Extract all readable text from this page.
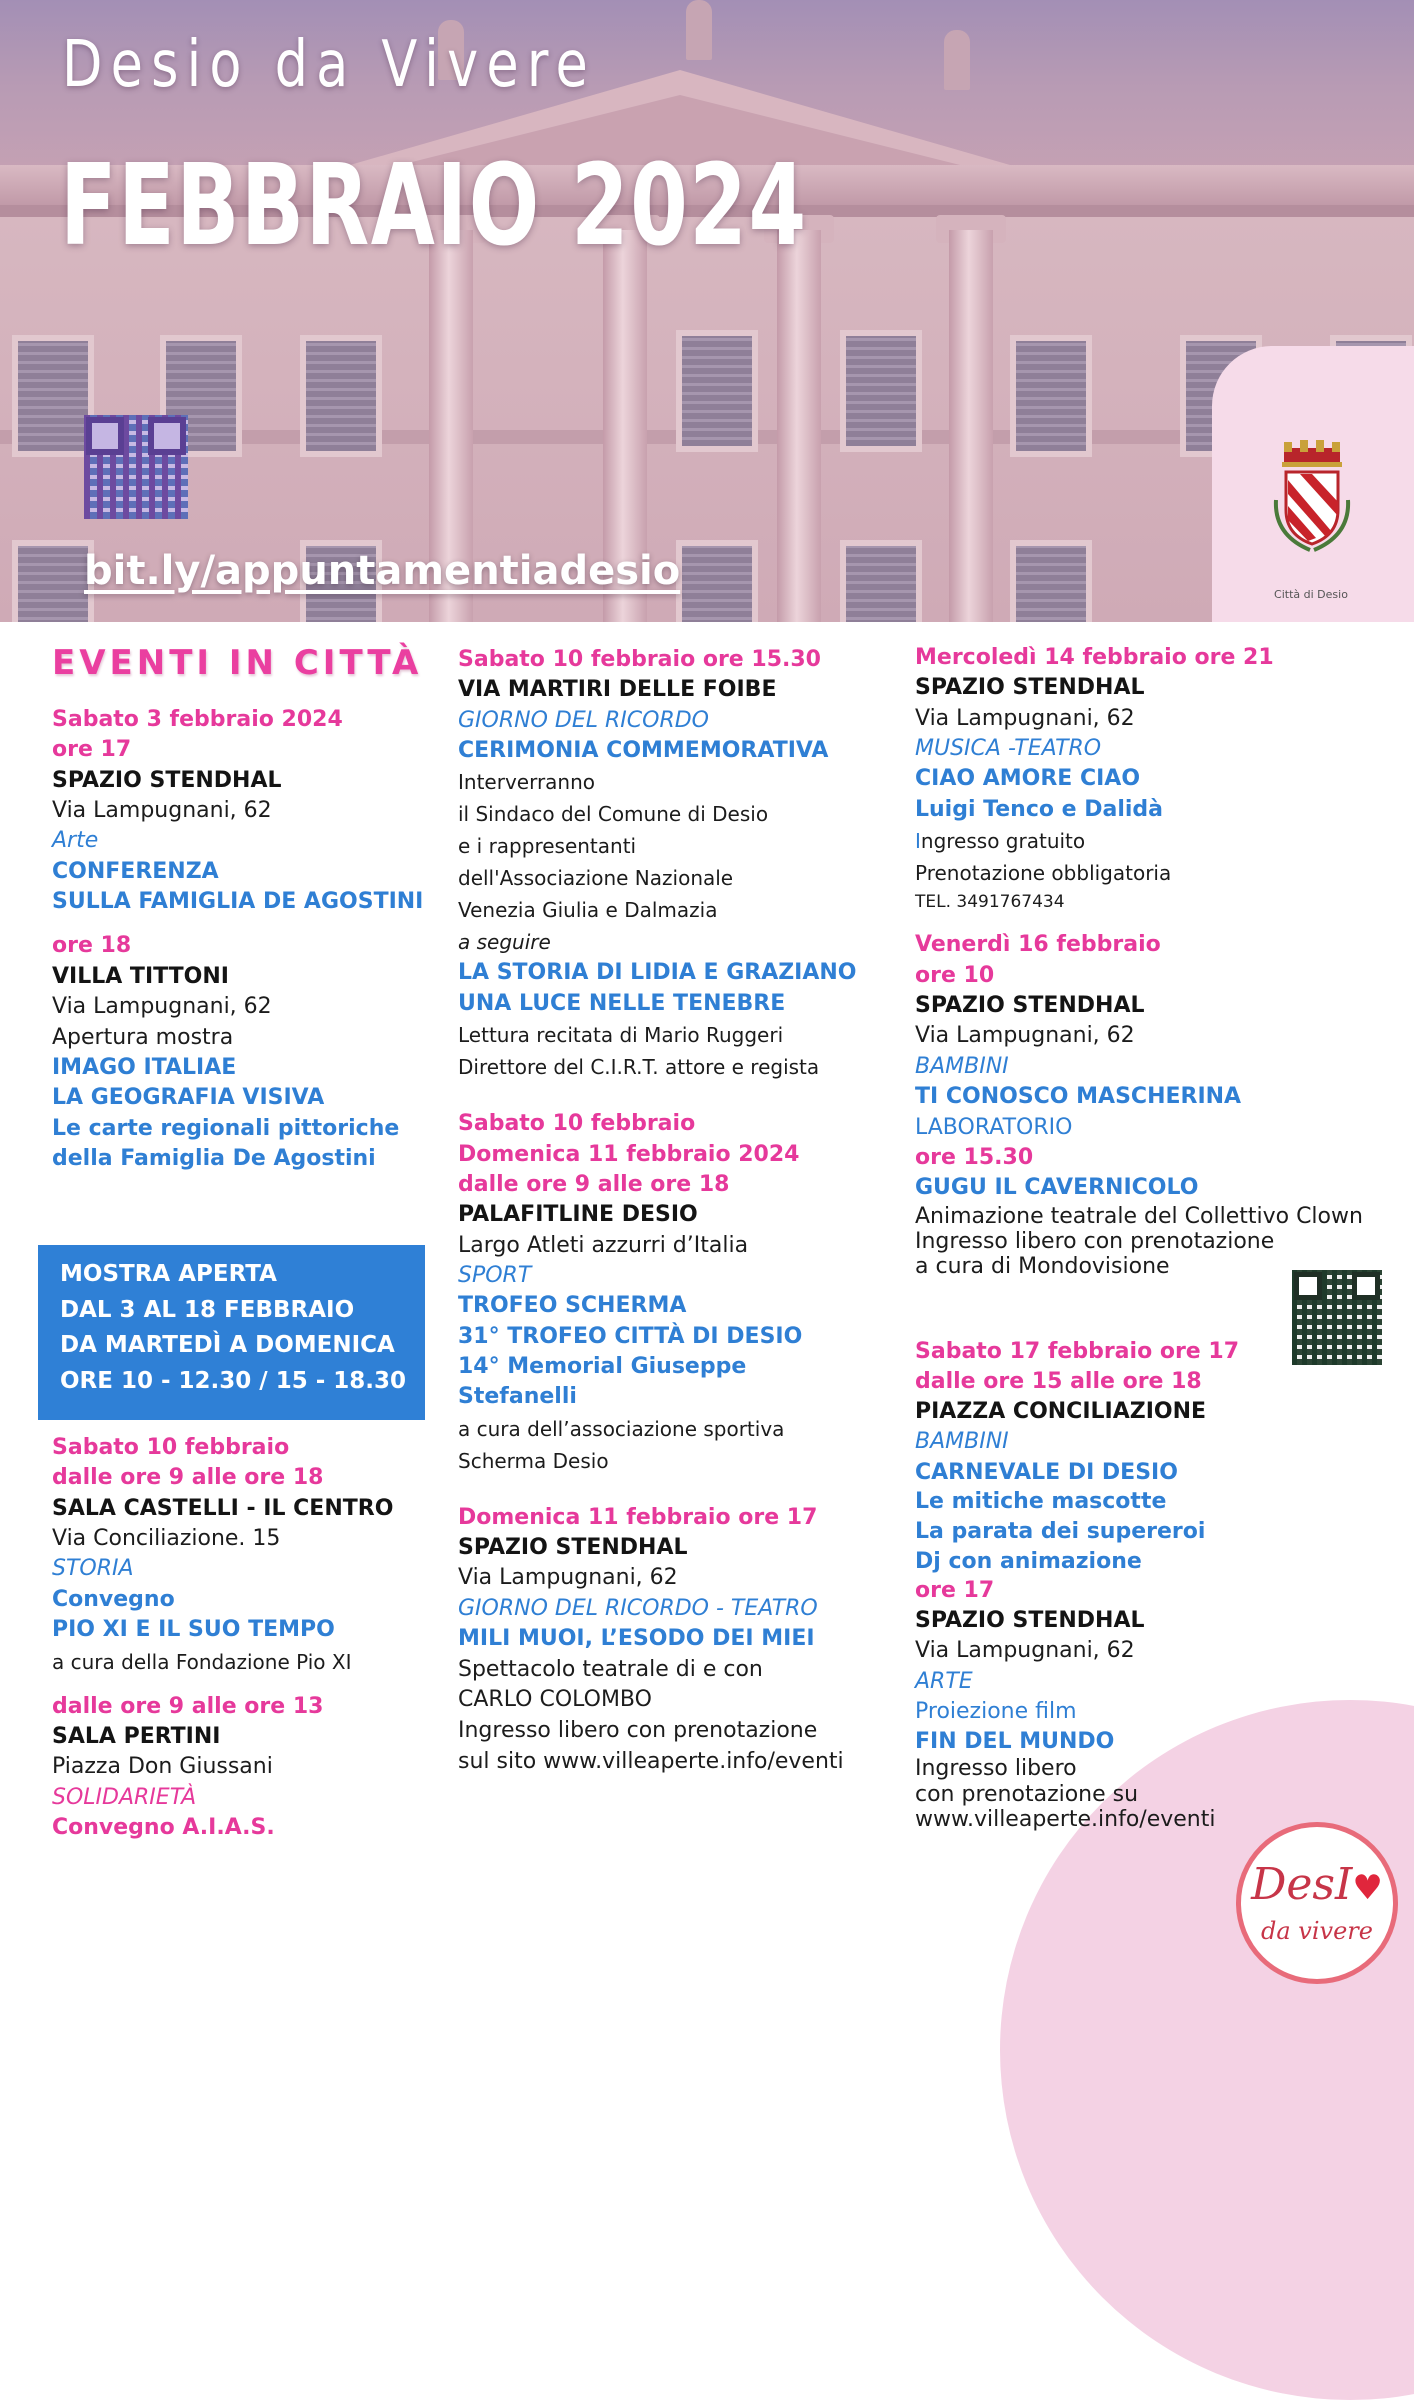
Desio da Vivere
FEBBRAIO 2024
bit.ly/appuntamentiadesio
Città di Desio
EVENTI IN CITTÀ
Sabato 3 febbraio 2024
ore 17
SPAZIO STENDHAL
Via Lampugnani, 62
Arte
CONFERENZA
SULLA FAMIGLIA DE AGOSTINI
ore 18
VILLA TITTONI
Via Lampugnani, 62
Apertura mostra
IMAGO ITALIAE
LA GEOGRAFIA VISIVA
Le carte regionali pittoriche
della Famiglia De Agostini
MOSTRA APERTA
DAL 3 AL 18 FEBBRAIO
DA MARTEDÌ A DOMENICA
ORE 10 - 12.30 / 15 - 18.30
Sabato 10 febbraio
dalle ore 9 alle ore 18
SALA CASTELLI - IL CENTRO
Via Conciliazione. 15
STORIA
Convegno
PIO XI E IL SUO TEMPO
a cura della Fondazione Pio XI
dalle ore 9 alle ore 13
SALA PERTINI
Piazza Don Giussani
SOLIDARIETÀ
Convegno A.I.A.S.
Sabato 10 febbraio ore 15.30
VIA MARTIRI DELLE FOIBE
GIORNO DEL RICORDO
CERIMONIA COMMEMORATIVA
Interverranno
il Sindaco del Comune di Desio
e i rappresentanti
dell'Associazione Nazionale
Venezia Giulia e Dalmazia
a seguire
LA STORIA DI LIDIA E GRAZIANO
UNA LUCE NELLE TENEBRE
Lettura recitata di Mario Ruggeri
Direttore del C.I.R.T. attore e regista
Sabato 10 febbraio
Domenica 11 febbraio 2024
dalle ore 9 alle ore 18
PALAFITLINE DESIO
Largo Atleti azzurri d’Italia
SPORT
TROFEO SCHERMA
31° TROFEO CITTÀ DI DESIO
14° Memorial Giuseppe
Stefanelli
a cura dell’associazione sportiva
Scherma Desio
Domenica 11 febbraio ore 17
SPAZIO STENDHAL
Via Lampugnani, 62
GIORNO DEL RICORDO - TEATRO
MILI MUOI, L’ESODO DEI MIEI
Spettacolo teatrale di e con
CARLO COLOMBO
Ingresso libero con prenotazione
sul sito www.villeaperte.info/eventi
Mercoledì 14 febbraio ore 21
SPAZIO STENDHAL
Via Lampugnani, 62
MUSICA -TEATRO
CIAO AMORE CIAO
Luigi Tenco e Dalidà
Ingresso gratuito
Prenotazione obbligatoria
TEL. 3491767434
Venerdì 16 febbraio
ore 10
SPAZIO STENDHAL
Via Lampugnani, 62
BAMBINI
TI CONOSCO MASCHERINA
LABORATORIO
ore 15.30
GUGU IL CAVERNICOLO
Animazione teatrale del Collettivo Clown
Ingresso libero con prenotazione
a cura di Mondovisione
Sabato 17 febbraio ore 17
dalle ore 15 alle ore 18
PIAZZA CONCILIAZIONE
BAMBINI
CARNEVALE DI DESIO
Le mitiche mascotte
La parata dei supereroi
Dj con animazione
ore 17
SPAZIO STENDHAL
Via Lampugnani, 62
ARTE
Proiezione film
FIN DEL MUNDO
Ingresso libero
con prenotazione su
www.villeaperte.info/eventi
DesI♥
da vivere
